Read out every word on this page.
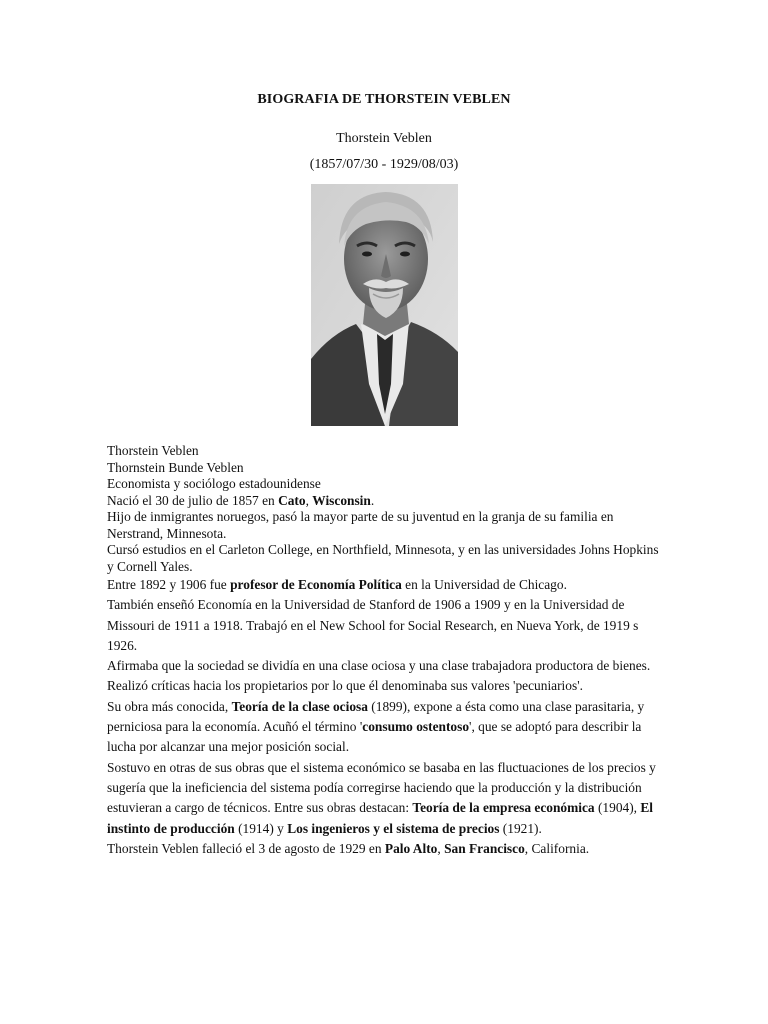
BIOGRAFIA DE THORSTEIN VEBLEN
Thorstein Veblen
(1857/07/30 - 1929/08/03)

Thorstein Veblen

Thornstein Bunde Veblen

Economista y sociólogo estadounidense

Nació el 30 de julio de 1857 en Cato, Wisconsin.

Hijo de inmigrantes noruegos, pasó la mayor parte de su juventud en la granja de su familia en Nerstrand, Minnesota.

Cursó estudios en el Carleton College, en Northfield, Minnesota, y en las universidades Johns Hopkins y Cornell Yales.

Entre 1892 y 1906 fue profesor de Economía Política en la Universidad de Chicago.

También enseñó Economía en la Universidad de Stanford de 1906 a 1909 y en la Universidad de Missouri de 1911 a 1918. Trabajó en el New School for Social Research, en Nueva York, de 1919 s 1926.

Afirmaba que la sociedad se dividía en una clase ociosa y una clase trabajadora productora de bienes. Realizó críticas hacia los propietarios por lo que él denominaba sus valores 'pecuniarios'.

Su obra más conocida, Teoría de la clase ociosa (1899), expone a ésta como una clase parasitaria, y perniciosa para la economía. Acuñó el término 'consumo ostentoso', que se adoptó para describir la lucha por alcanzar una mejor posición social.

Sostuvo en otras de sus obras que el sistema económico se basaba en las fluctuaciones de los precios y sugería que la ineficiencia del sistema podía corregirse haciendo que la producción y la distribución estuvieran a cargo de técnicos. Entre sus obras destacan: Teoría de la empresa económica (1904), El instinto de producción (1914) y Los ingenieros y el sistema de precios (1921).

Thorstein Veblen falleció el 3 de agosto de 1929 en Palo Alto, San Francisco, California.
